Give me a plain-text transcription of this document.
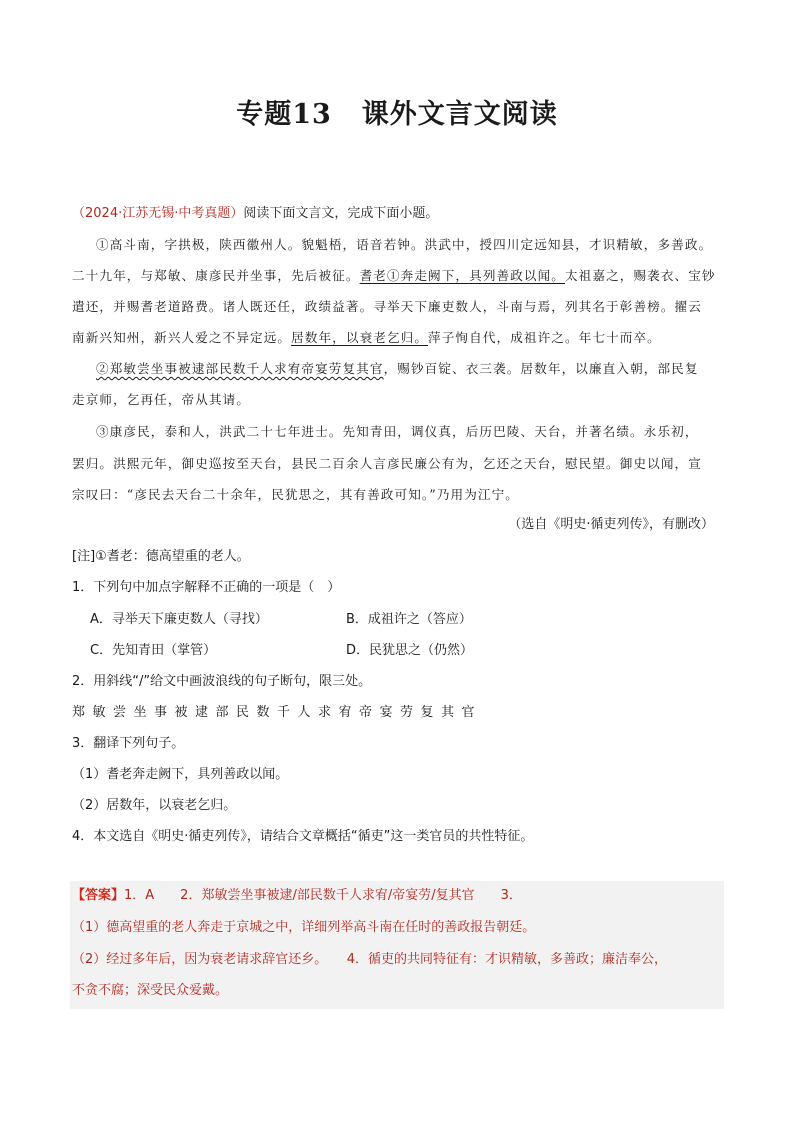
专题13 课外文言文阅读
（2024·江苏无锡·中考真题）阅读下面文言文，完成下面小题。
①高斗南，字拱极，陕西徽州人。貌魁梧，语音若钟。洪武中，授四川定远知县，才识精敏，多善政。
二十九年，与郑敏、康彦民并坐事，先后被征。耆老①奔走阙下，具列善政以闻。太祖嘉之，赐袭衣、宝钞
遣还，并赐耆老道路费。诸人既还任，政绩益著。寻举天下廉吏数人，斗南与焉，列其名于彰善榜。擢云
南新兴知州，新兴人爱之不异定远。居数年，以衰老乞归。萍子恂自代，成祖许之。年七十而卒。
②郑敏尝坐事被逮部民数千人求宥帝宴劳复其官，赐钞百锭、衣三袭。居数年，以廉直入朝，部民复
走京师，乞再任，帝从其请。
③康彦民，泰和人，洪武二十七年进士。先知青田，调仪真，后历巴陵、天台，并著名绩。永乐初，
罢归。洪熙元年，御史巡按至天台，县民二百余人言彦民廉公有为，乞还之天台，慰民望。御史以闻，宣
宗叹曰：“彦民去天台二十余年，民犹思之，其有善政可知。”乃用为江宁。
（选自《明史·循吏列传》，有删改）
[注]①耆老：德高望重的老人。
1．下列句中加点字解释不正确的一项是（　）
A．寻举天下廉吏数人（寻找）	B．成祖许之（答应）
C．先知青田（掌管）	D．民犹思之（仍然）
2．用斜线“/”给文中画波浪线的句子断句，限三处。
郑敏尝坐事被逮部民数千人求宥帝宴劳复其官
3．翻译下列句子。
（1）耆老奔走阙下，具列善政以闻。
（2）居数年，以衰老乞归。
4．本文选自《明史·循吏列传》，请结合文章概括“循吏”这一类官员的共性特征。
【答案】1．A　　2．郑敏尝坐事被逮/部民数千人求宥/帝宴劳/复其官　　3．
（1）德高望重的老人奔走于京城之中，详细列举高斗南在任时的善政报告朝廷。
（2）经过多年后，因为衰老请求辞官还乡。　　4．循吏的共同特征有：才识精敏，多善政；廉洁奉公，
不贪不腐；深受民众爱戴。
